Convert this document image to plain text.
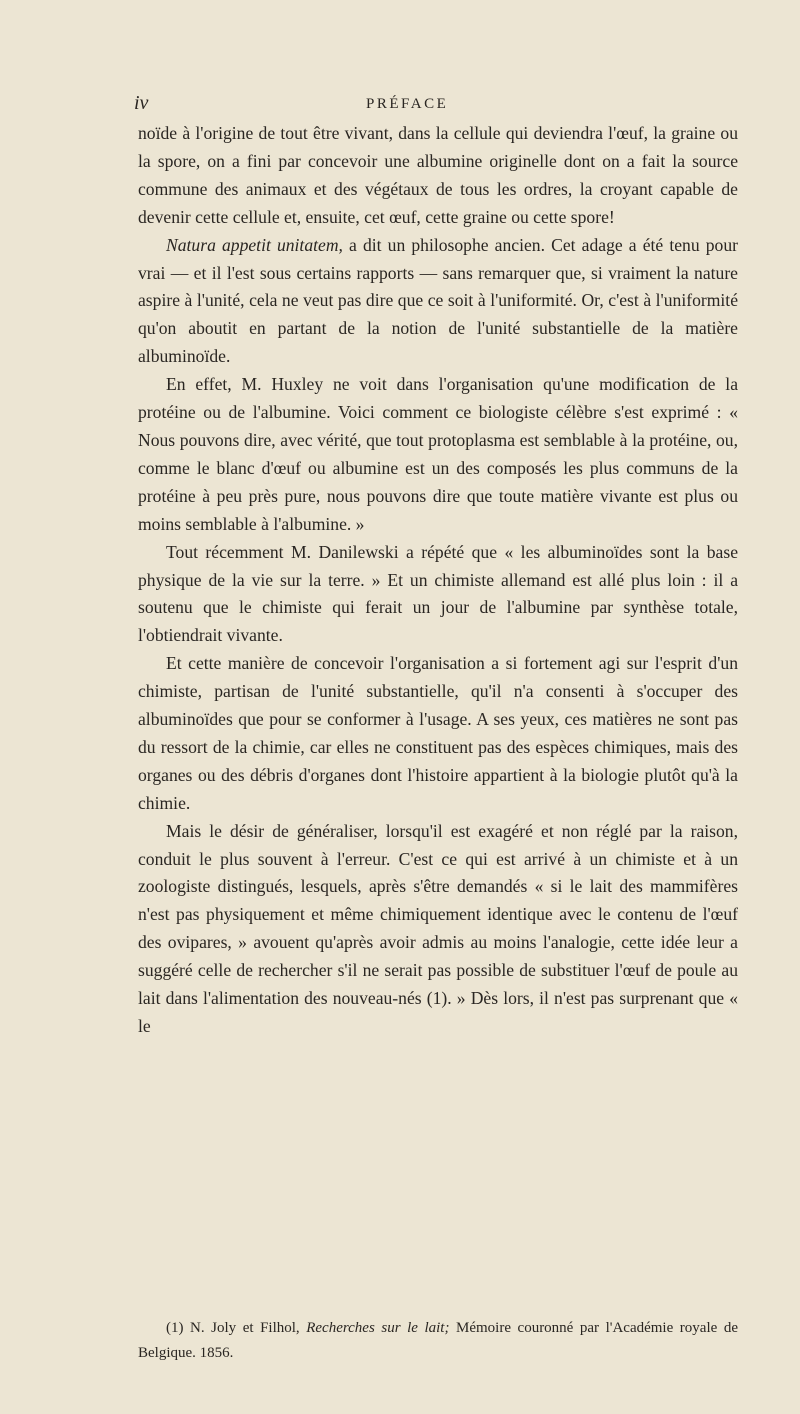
iv	PRÉFACE

noïde à l'origine de tout être vivant, dans la cellule qui deviendra l'œuf, la graine ou la spore, on a fini par concevoir une albumine originelle dont on a fait la source commune des animaux et des végétaux de tous les ordres, la croyant capable de devenir cette cellule et, ensuite, cet œuf, cette graine ou cette spore!

Natura appetit unitatem, a dit un philosophe ancien. Cet adage a été tenu pour vrai — et il l'est sous certains rapports — sans remarquer que, si vraiment la nature aspire à l'unité, cela ne veut pas dire que ce soit à l'uniformité. Or, c'est à l'uniformité qu'on aboutit en partant de la notion de l'unité substantielle de la matière albuminoïde.

En effet, M. Huxley ne voit dans l'organisation qu'une modification de la protéine ou de l'albumine. Voici comment ce biologiste célèbre s'est exprimé : « Nous pouvons dire, avec vérité, que tout protoplasma est semblable à la protéine, ou, comme le blanc d'œuf ou albumine est un des composés les plus communs de la protéine à peu près pure, nous pouvons dire que toute matière vivante est plus ou moins semblable à l'albumine. »

Tout récemment M. Danilewski a répété que « les albuminoïdes sont la base physique de la vie sur la terre. » Et un chimiste allemand est allé plus loin : il a soutenu que le chimiste qui ferait un jour de l'albumine par synthèse totale, l'obtiendrait vivante.

Et cette manière de concevoir l'organisation a si fortement agi sur l'esprit d'un chimiste, partisan de l'unité substantielle, qu'il n'a consenti à s'occuper des albuminoïdes que pour se conformer à l'usage. A ses yeux, ces matières ne sont pas du ressort de la chimie, car elles ne constituent pas des espèces chimiques, mais des organes ou des débris d'organes dont l'histoire appartient à la biologie plutôt qu'à la chimie.

Mais le désir de généraliser, lorsqu'il est exagéré et non réglé par la raison, conduit le plus souvent à l'erreur. C'est ce qui est arrivé à un chimiste et à un zoologiste distingués, lesquels, après s'être demandés « si le lait des mammifères n'est pas physiquement et même chimiquement identique avec le contenu de l'œuf des ovipares, » avouent qu'après avoir admis au moins l'analogie, cette idée leur a suggéré celle de rechercher s'il ne serait pas possible de substituer l'œuf de poule au lait dans l'alimentation des nouveau-nés (1). » Dès lors, il n'est pas surprenant que « le

(1) N. Joly et Filhol, Recherches sur le lait; Mémoire couronné par l'Académie royale de Belgique. 1856.
